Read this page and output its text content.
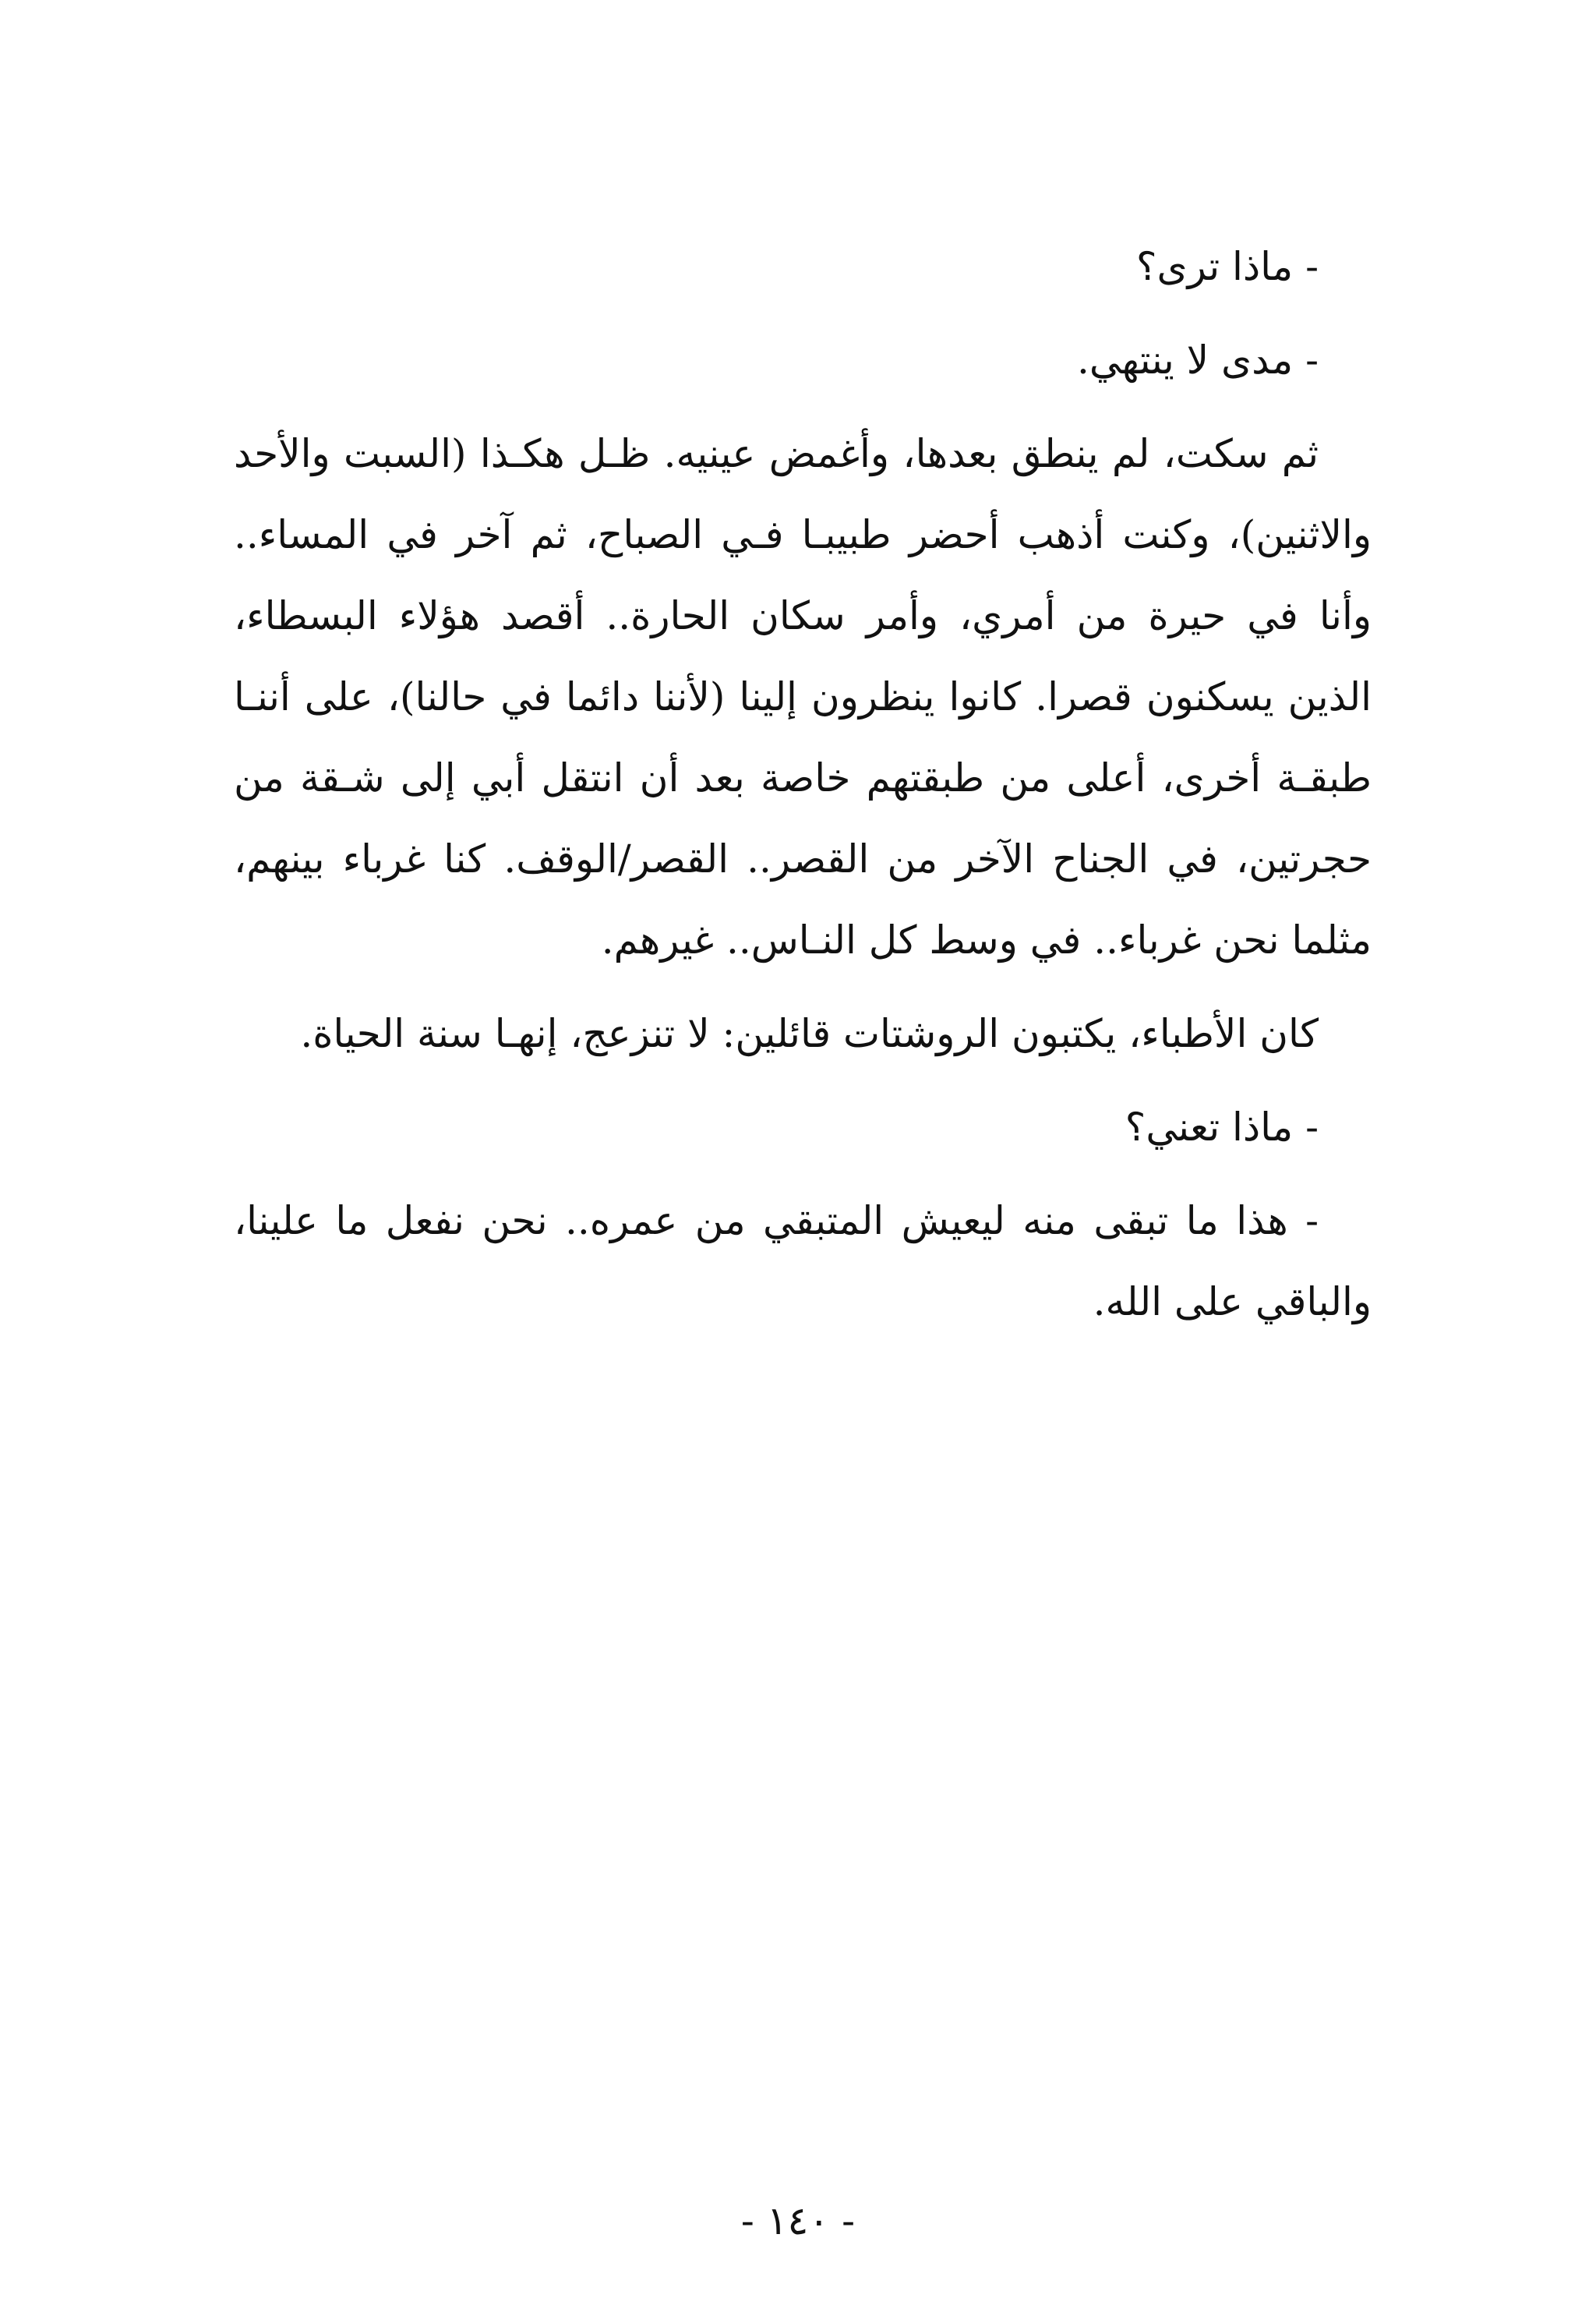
- ماذا ترى؟

- مدى لا ينتهي.

ثم سكت، لم ينطق بعدها، وأغمض عينيه. ظـل هكـذا (السبت والأحد والاثنين)، وكنت أذهب أحضر طبيبـا فـي الصباح، ثم آخر في المساء.. وأنا في حيرة من أمري، وأمر سكان الحارة.. أقصد هؤلاء البسطاء، الذين يسكنون قصرا. كانوا ينظرون إلينا (لأننا دائما في حالنا)، على أننـا طبقـة أخرى، أعلى من طبقتهم خاصة بعد أن انتقل أبي إلى شـقة من حجرتين، في الجناح الآخر من القصر.. القصر/الوقف. كنا غرباء بينهم، مثلما نحن غرباء.. في وسط كل النـاس.. غيرهم.

كان الأطباء، يكتبون الروشتات قائلين: لا تنزعج، إنهـا سنة الحياة.

- ماذا تعني؟

- هذا ما تبقى منه ليعيش المتبقي من عمره.. نحن نفعل ما علينا، والباقي على الله.

- ١٤٠ -
